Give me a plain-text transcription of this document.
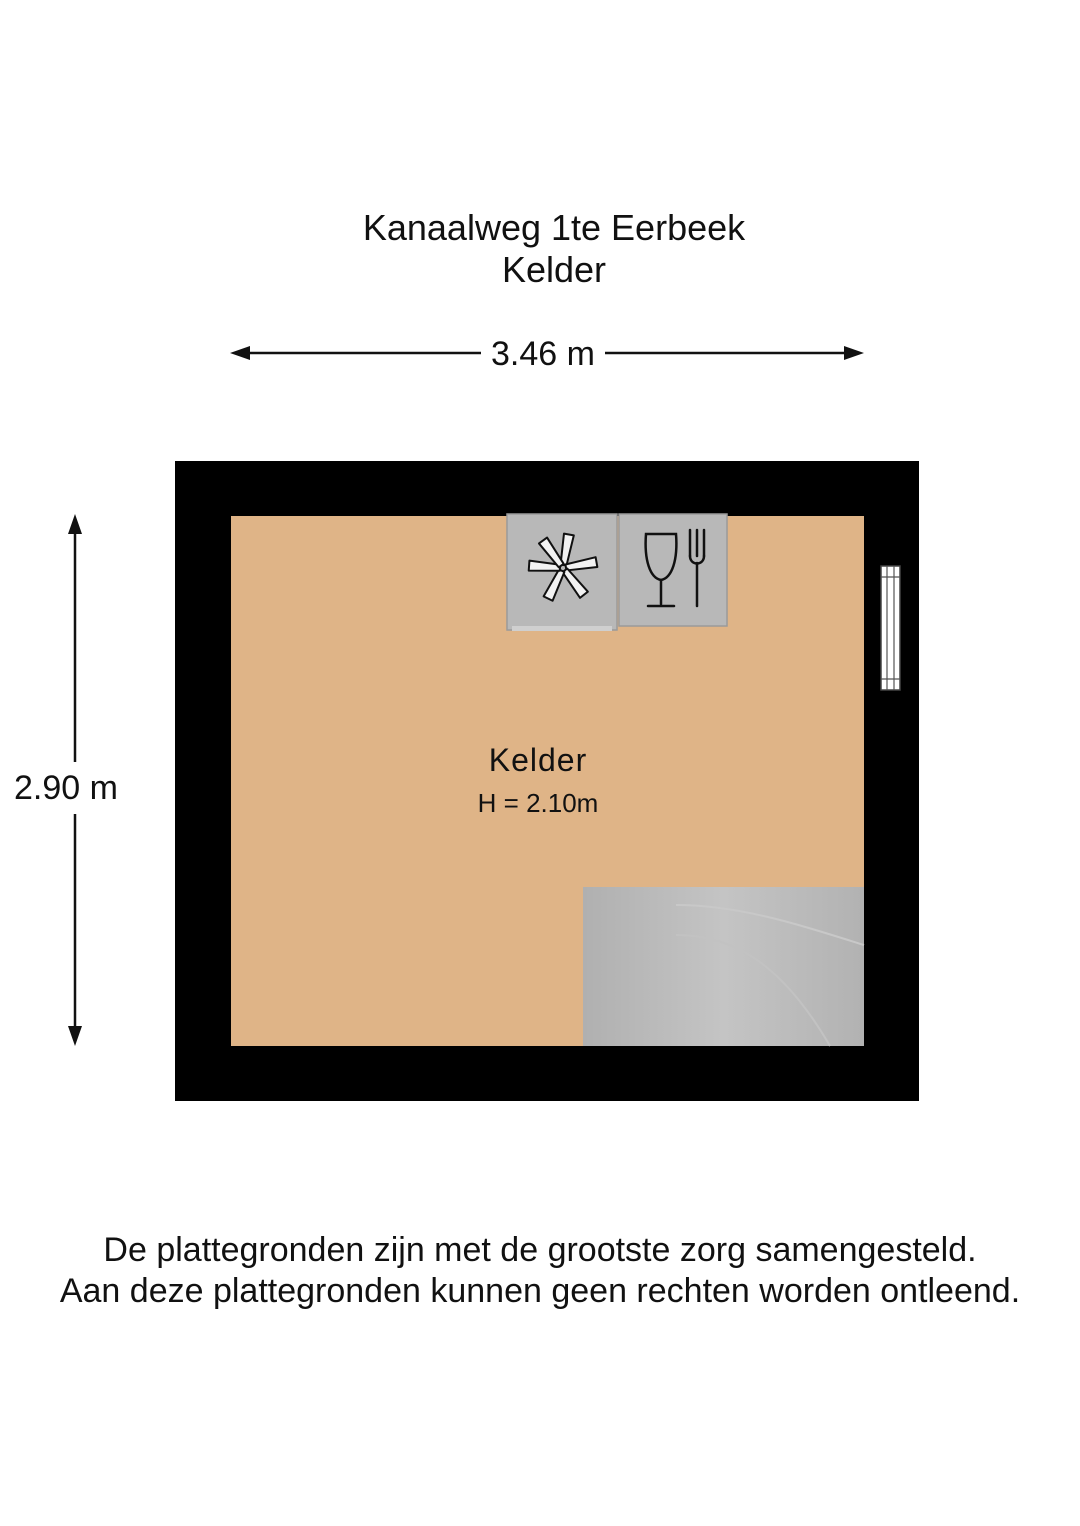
Kanaalweg 1te Eerbeek
Kelder
3.46 m
2.90 m
Kelder
H = 2.10m
De plattegronden zijn met de grootste zorg samengesteld.
Aan deze plattegronden kunnen geen rechten worden ontleend.
